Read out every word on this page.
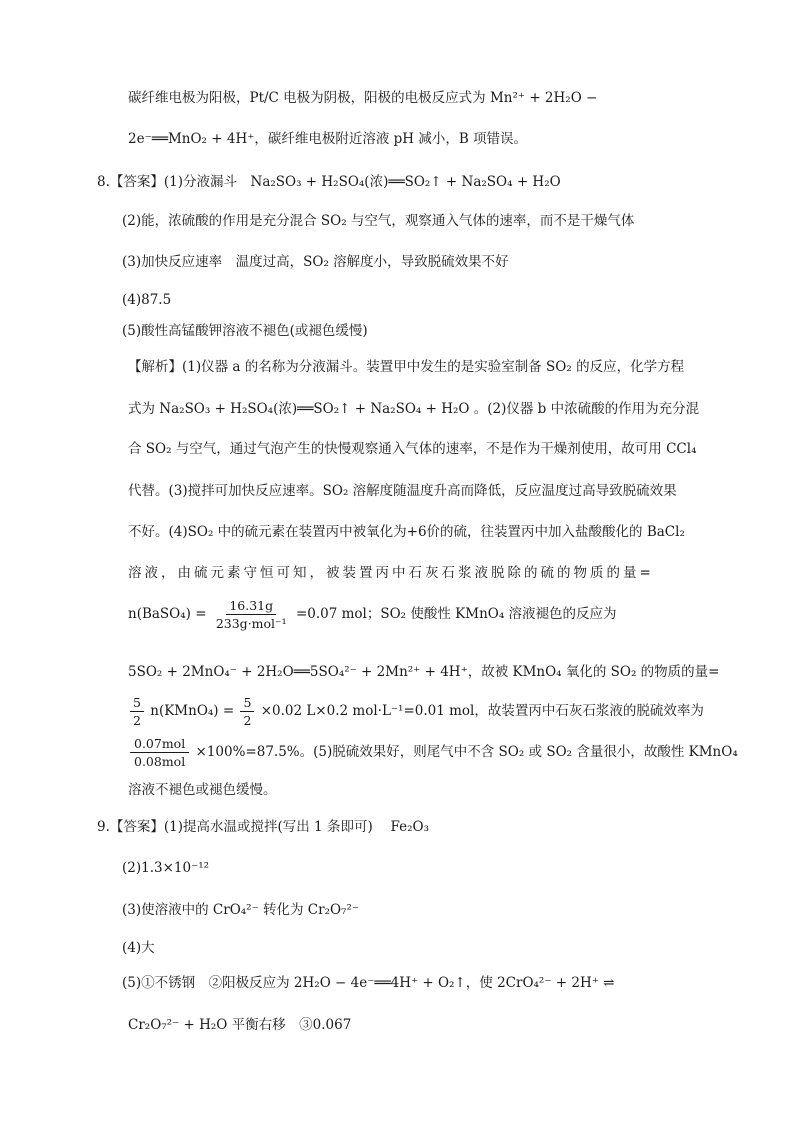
碳纤维电极为阳极，Pt/C 电极为阴极，阳极的电极反应式为 Mn²⁺ + 2H₂O −
2e⁻══MnO₂ + 4H⁺，碳纤维电极附近溶液 pH 减小，B 项错误。
8.【答案】(1)分液漏斗　Na₂SO₃ + H₂SO₄(浓)══SO₂↑ + Na₂SO₄ + H₂O
(2)能，浓硫酸的作用是充分混合 SO₂ 与空气，观察通入气体的速率，而不是干燥气体
(3)加快反应速率　温度过高，SO₂ 溶解度小，导致脱硫效果不好
(4)87.5
(5)酸性高锰酸钾溶液不褪色(或褪色缓慢)
【解析】(1)仪器 a 的名称为分液漏斗。装置甲中发生的是实验室制备 SO₂ 的反应，化学方程
式为 Na₂SO₃ + H₂SO₄(浓)══SO₂↑ + Na₂SO₄ + H₂O 。(2)仪器 b 中浓硫酸的作用为充分混
合 SO₂ 与空气，通过气泡产生的快慢观察通入气体的速率，不是作为干燥剂使用，故可用 CCl₄
代替。(3)搅拌可加快反应速率。SO₂ 溶解度随温度升高而降低，反应温度过高导致脱硫效果
不好。(4)SO₂ 中的硫元素在装置丙中被氧化为+6价的硫，往装置丙中加入盐酸酸化的 BaCl₂
溶液，由硫元素守恒可知，被装置丙中石灰石浆液脱除的硫的物质的量=
n(BaSO₄) = $\frac{16.31g}{\text{233g·mol⁻¹}} =0.07$ mol；SO₂ 使酸性 KMnO₄ 溶液褪色的反应为
5SO₂ + 2MnO₄⁻ + 2H₂O══5SO₄²⁻ + 2Mn²⁺ + 4H⁺，故被 KMnO₄ 氧化的 SO₂ 的物质的量=
$\frac{5}{2}$ n(KMnO₄) = $\frac{5}{2} \times 0.02$ L×0.2 mol·L⁻¹=0.01 mol，故装置丙中石灰石浆液的脱硫效率为
$\frac{\text{0.07mol}}{\text{0.08mol}} \times 100\%=87.5\%$。(5)脱硫效果好，则尾气中不含 SO₂ 或 SO₂ 含量很小，故酸性 KMnO₄
溶液不褪色或褪色缓慢。
9.【答案】(1)提高水温或搅拌(写出 1 条即可)　 Fe₂O₃
(2)1.3×10⁻¹²
(3)使溶液中的 CrO₄²⁻ 转化为 Cr₂O₇²⁻
(4)大
(5)①不锈钢　②阳极反应为 2H₂O − 4e⁻══4H⁺ + O₂↑，使 2CrO₄²⁻ + 2H⁺ ⇌
Cr₂O₇²⁻ + H₂O 平衡右移　③0.067
